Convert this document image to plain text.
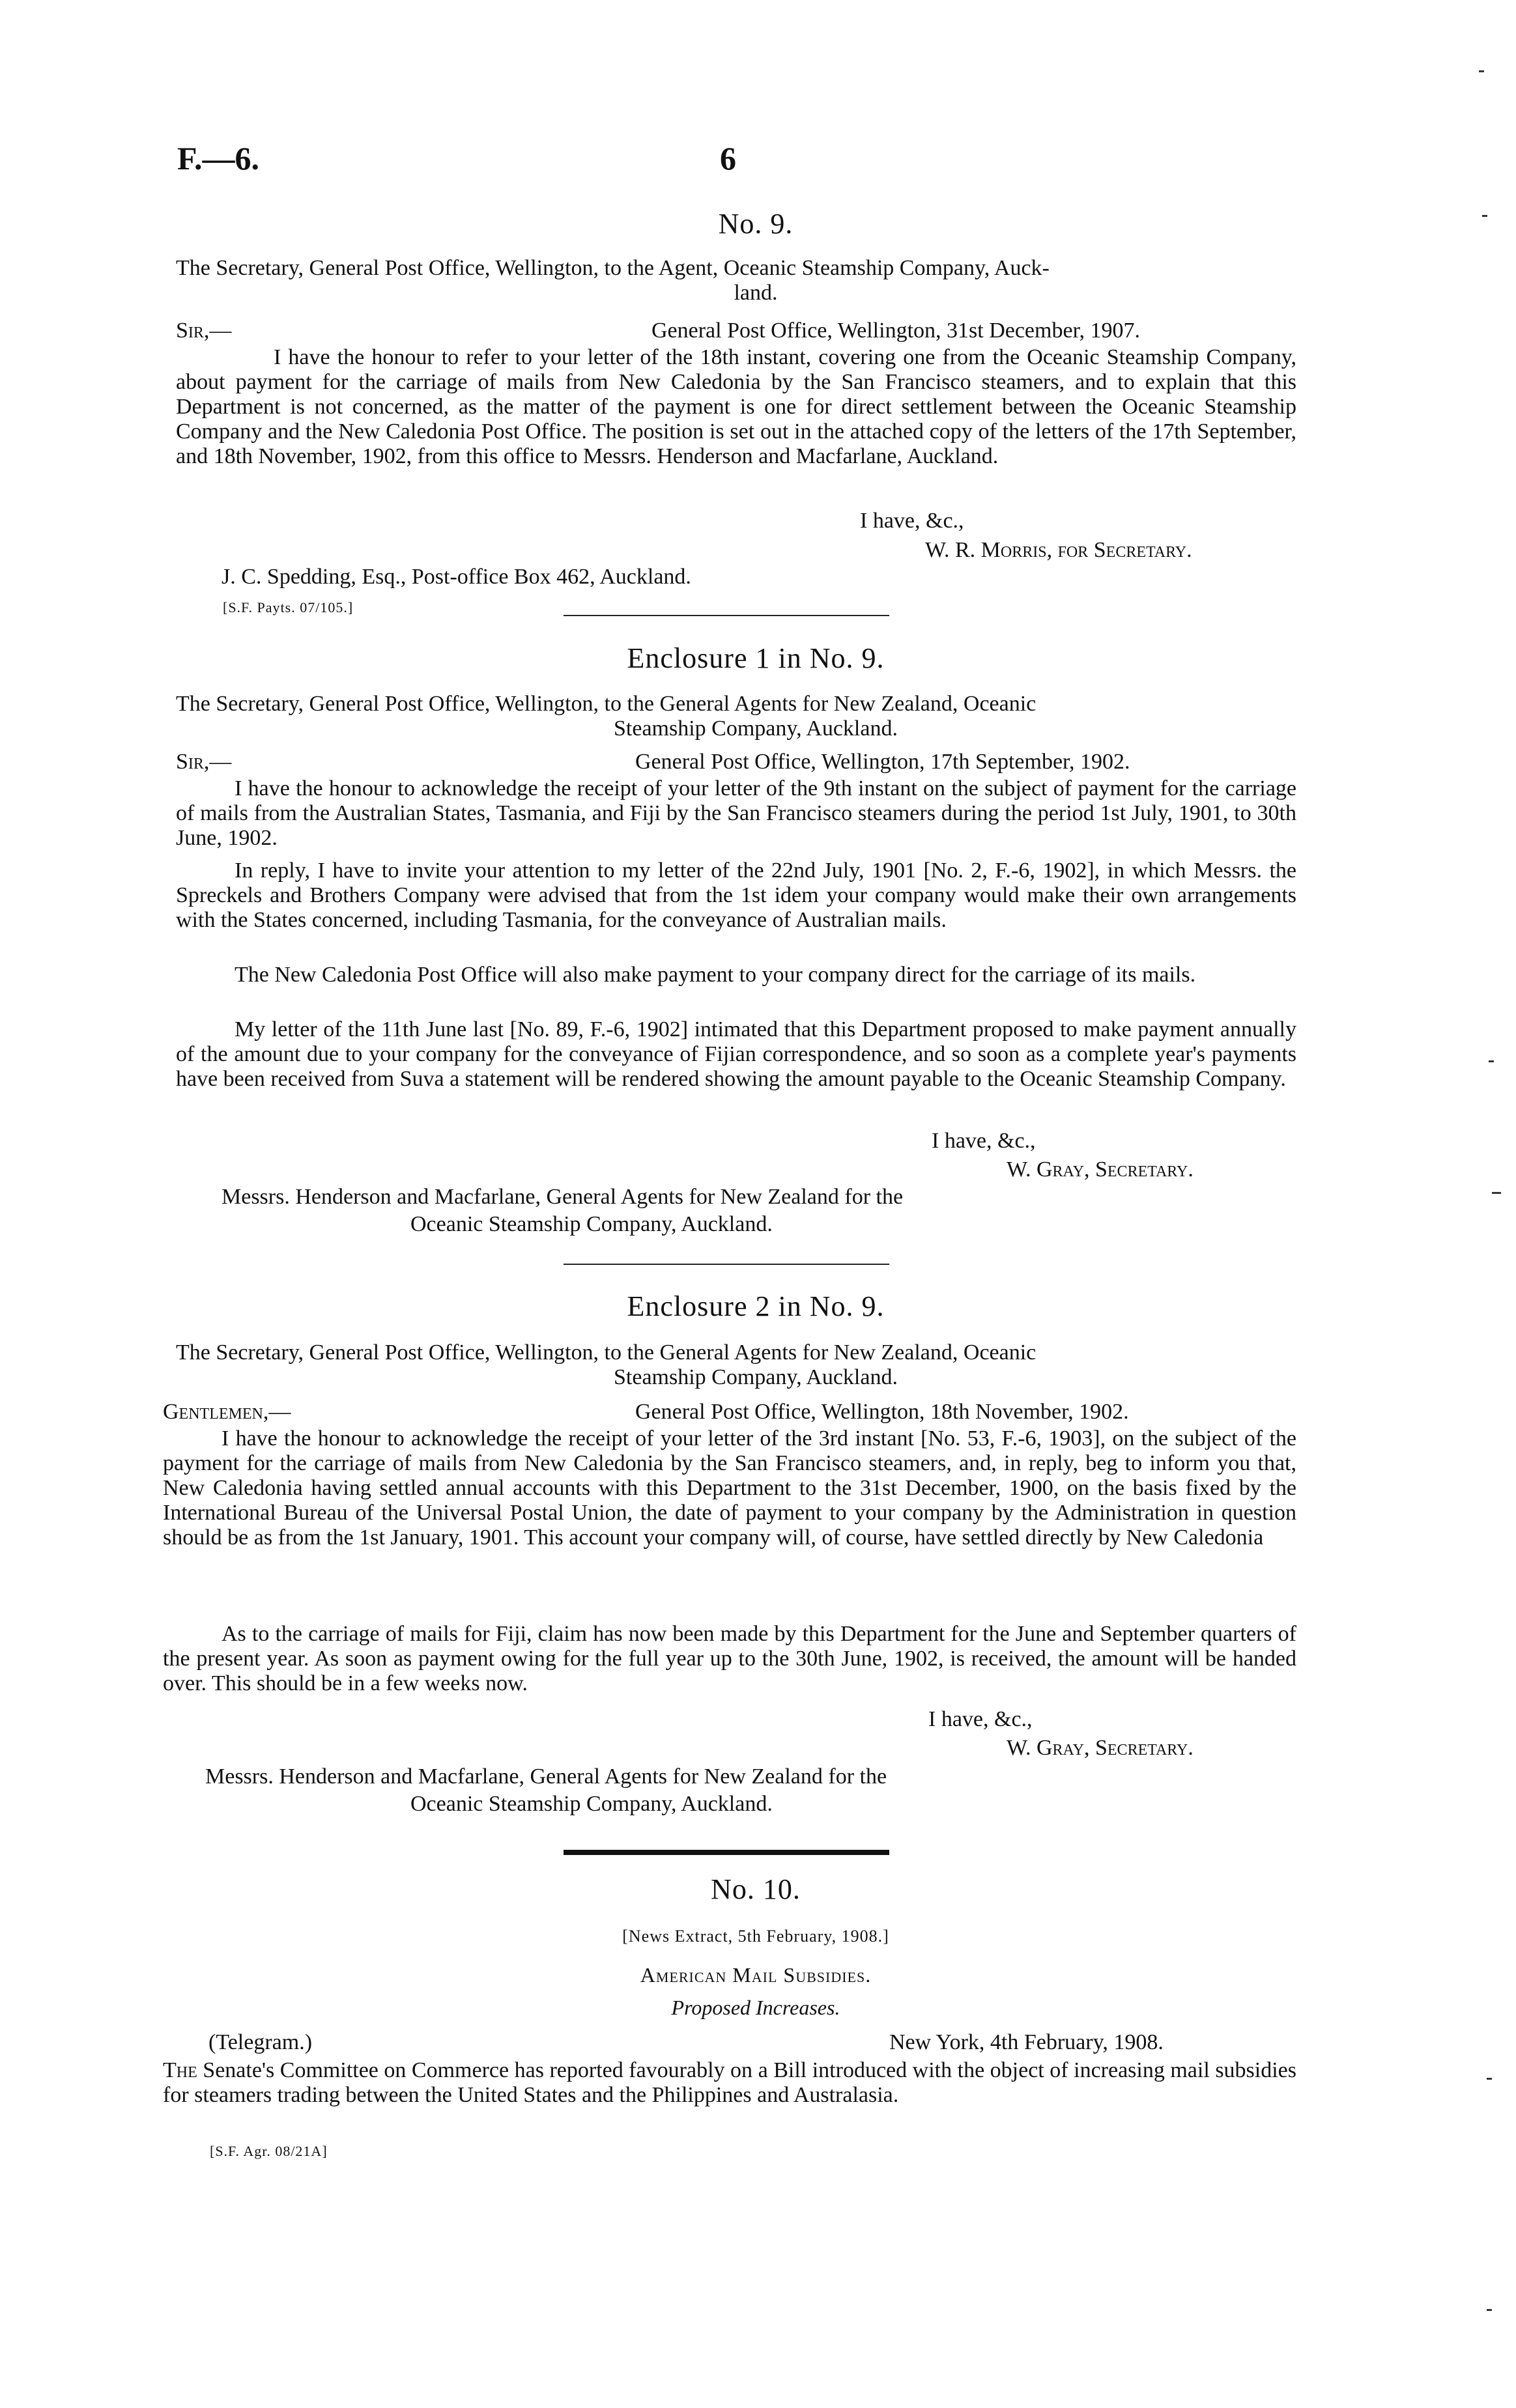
F.—6.	6
No. 9.
The Secretary, General Post Office, Wellington, to the Agent, Oceanic Steamship Company, Auck-
land.
Sir,—	General Post Office, Wellington, 31st December, 1907.

I have the honour to refer to your letter of the 18th instant, covering one from the Oceanic Steamship Company, about payment for the carriage of mails from New Caledonia by the San Francisco steamers, and to explain that this Department is not concerned, as the matter of the payment is one for direct settlement between the Oceanic Steamship Company and the New Caledonia Post Office. The position is set out in the attached copy of the letters of the 17th September, and 18th November, 1902, from this office to Messrs. Henderson and Macfarlane, Auckland.

I have, &c.,
W. R. Morris, for Secretary.
J. C. Spedding, Esq., Post-office Box 462, Auckland.
[S.F. Payts. 07/105.]
Enclosure 1 in No. 9.
The Secretary, General Post Office, Wellington, to the General Agents for New Zealand, Oceanic
Steamship Company, Auckland.
Sir,—	General Post Office, Wellington, 17th September, 1902.

I have the honour to acknowledge the receipt of your letter of the 9th instant on the subject of payment for the carriage of mails from the Australian States, Tasmania, and Fiji by the San Francisco steamers during the period 1st July, 1901, to 30th June, 1902.

In reply, I have to invite your attention to my letter of the 22nd July, 1901 [No. 2, F.-6, 1902], in which Messrs. the Spreckels and Brothers Company were advised that from the 1st idem your company would make their own arrangements with the States concerned, including Tasmania, for the conveyance of Australian mails.

The New Caledonia Post Office will also make payment to your company direct for the carriage of its mails.

My letter of the 11th June last [No. 89, F.-6, 1902] intimated that this Department proposed to make payment annually of the amount due to your company for the conveyance of Fijian correspondence, and so soon as a complete year's payments have been received from Suva a statement will be rendered showing the amount payable to the Oceanic Steamship Company.

I have, &c.,
W. Gray, Secretary.
Messrs. Henderson and Macfarlane, General Agents for New Zealand for the
Oceanic Steamship Company, Auckland.
Enclosure 2 in No. 9.
The Secretary, General Post Office, Wellington, to the General Agents for New Zealand, Oceanic
Steamship Company, Auckland.
Gentlemen,—	General Post Office, Wellington, 18th November, 1902.

I have the honour to acknowledge the receipt of your letter of the 3rd instant [No. 53, F.-6, 1903], on the subject of the payment for the carriage of mails from New Caledonia by the San Francisco steamers, and, in reply, beg to inform you that, New Caledonia having settled annual accounts with this Department to the 31st December, 1900, on the basis fixed by the International Bureau of the Universal Postal Union, the date of payment to your company by the Administration in question should be as from the 1st January, 1901. This account your company will, of course, have settled directly by New Caledonia

As to the carriage of mails for Fiji, claim has now been made by this Department for the June and September quarters of the present year. As soon as payment owing for the full year up to the 30th June, 1902, is received, the amount will be handed over. This should be in a few weeks now.

I have, &c.,
W. Gray, Secretary.
Messrs. Henderson and Macfarlane, General Agents for New Zealand for the
Oceanic Steamship Company, Auckland.
No. 10.
[News Extract, 5th February, 1908.]
American Mail Subsidies.
Proposed Increases.
(Telegram.)	New York, 4th February, 1908.

The Senate's Committee on Commerce has reported favourably on a Bill introduced with the object of increasing mail subsidies for steamers trading between the United States and the Philippines and Australasia.

[S.F. Agr. 08/21A]
